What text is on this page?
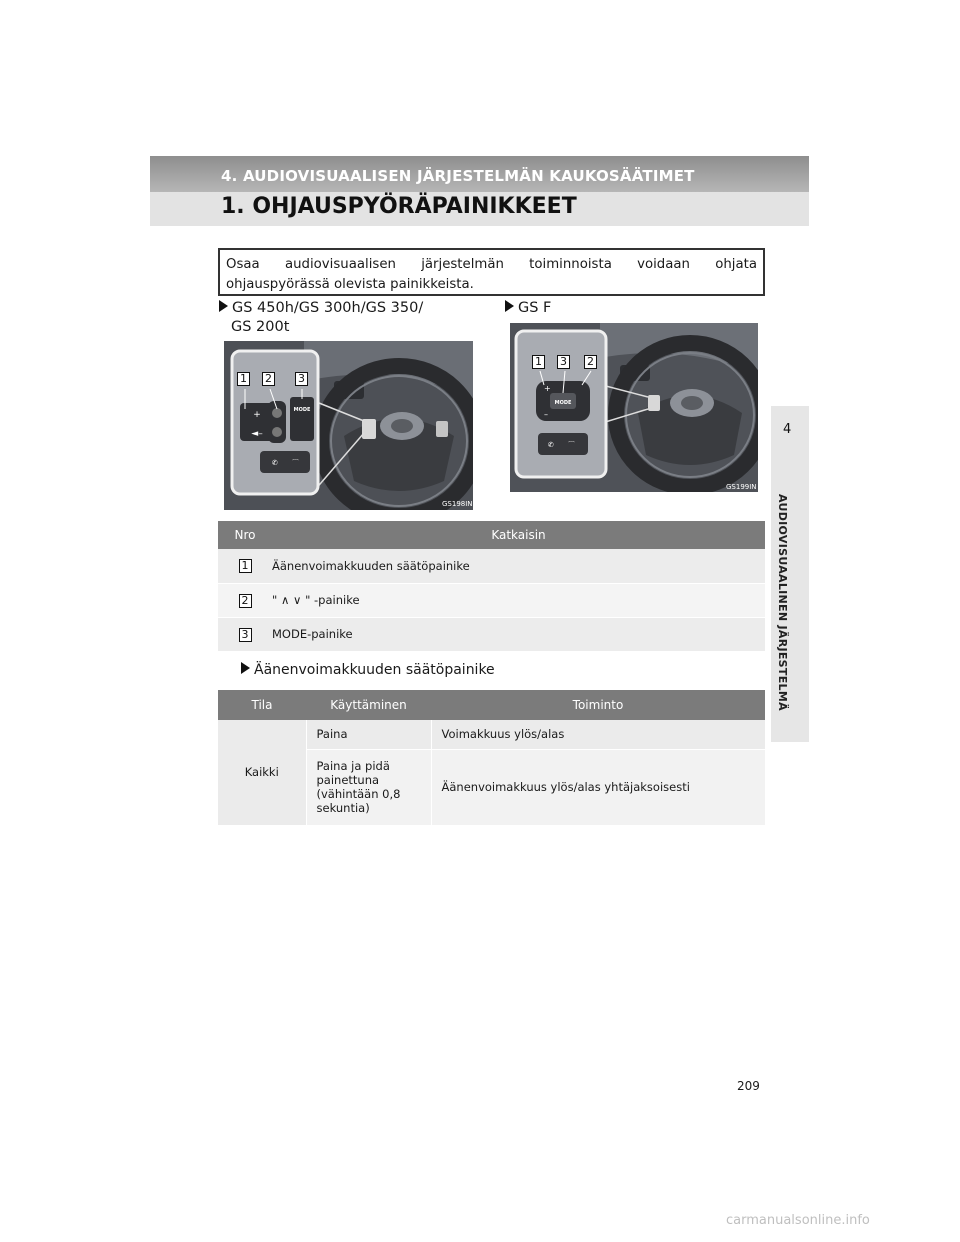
4. AUDIOVISUAALISEN JÄRJESTELMÄN KAUKOSÄÄTIMET
1. OHJAUSPYÖRÄPAINIKKEET
4
AUDIOVISUAALINEN JÄRJESTELMÄ
Osaa audiovisuaalisen järjestelmän toiminnoista voidaan ohjata ohjauspyörässä olevista painikkeista.
GS 450h/GS 300h/GS 350/
GS 200t
+
◄–
MODE
✆ ⌒
1 2 3
GS198IN
GS F
MODE
+
–
✆ ⌒
1 3 2
GS199IN
Nro	Katkaisin
1	Äänenvoimakkuuden säätöpainike
2	" ∧ ∨ " -painike
3	MODE-painike
Äänenvoimakkuuden säätöpainike
Tila	Käyttäminen	Toiminto
Kaikki	Paina	Voimakkuus ylös/alas
	Paina ja pidä
painettuna
(vähintään 0,8
sekuntia)	Äänenvoimakkuus ylös/alas yhtäjaksoisesti
209
carmanualsonline.info
